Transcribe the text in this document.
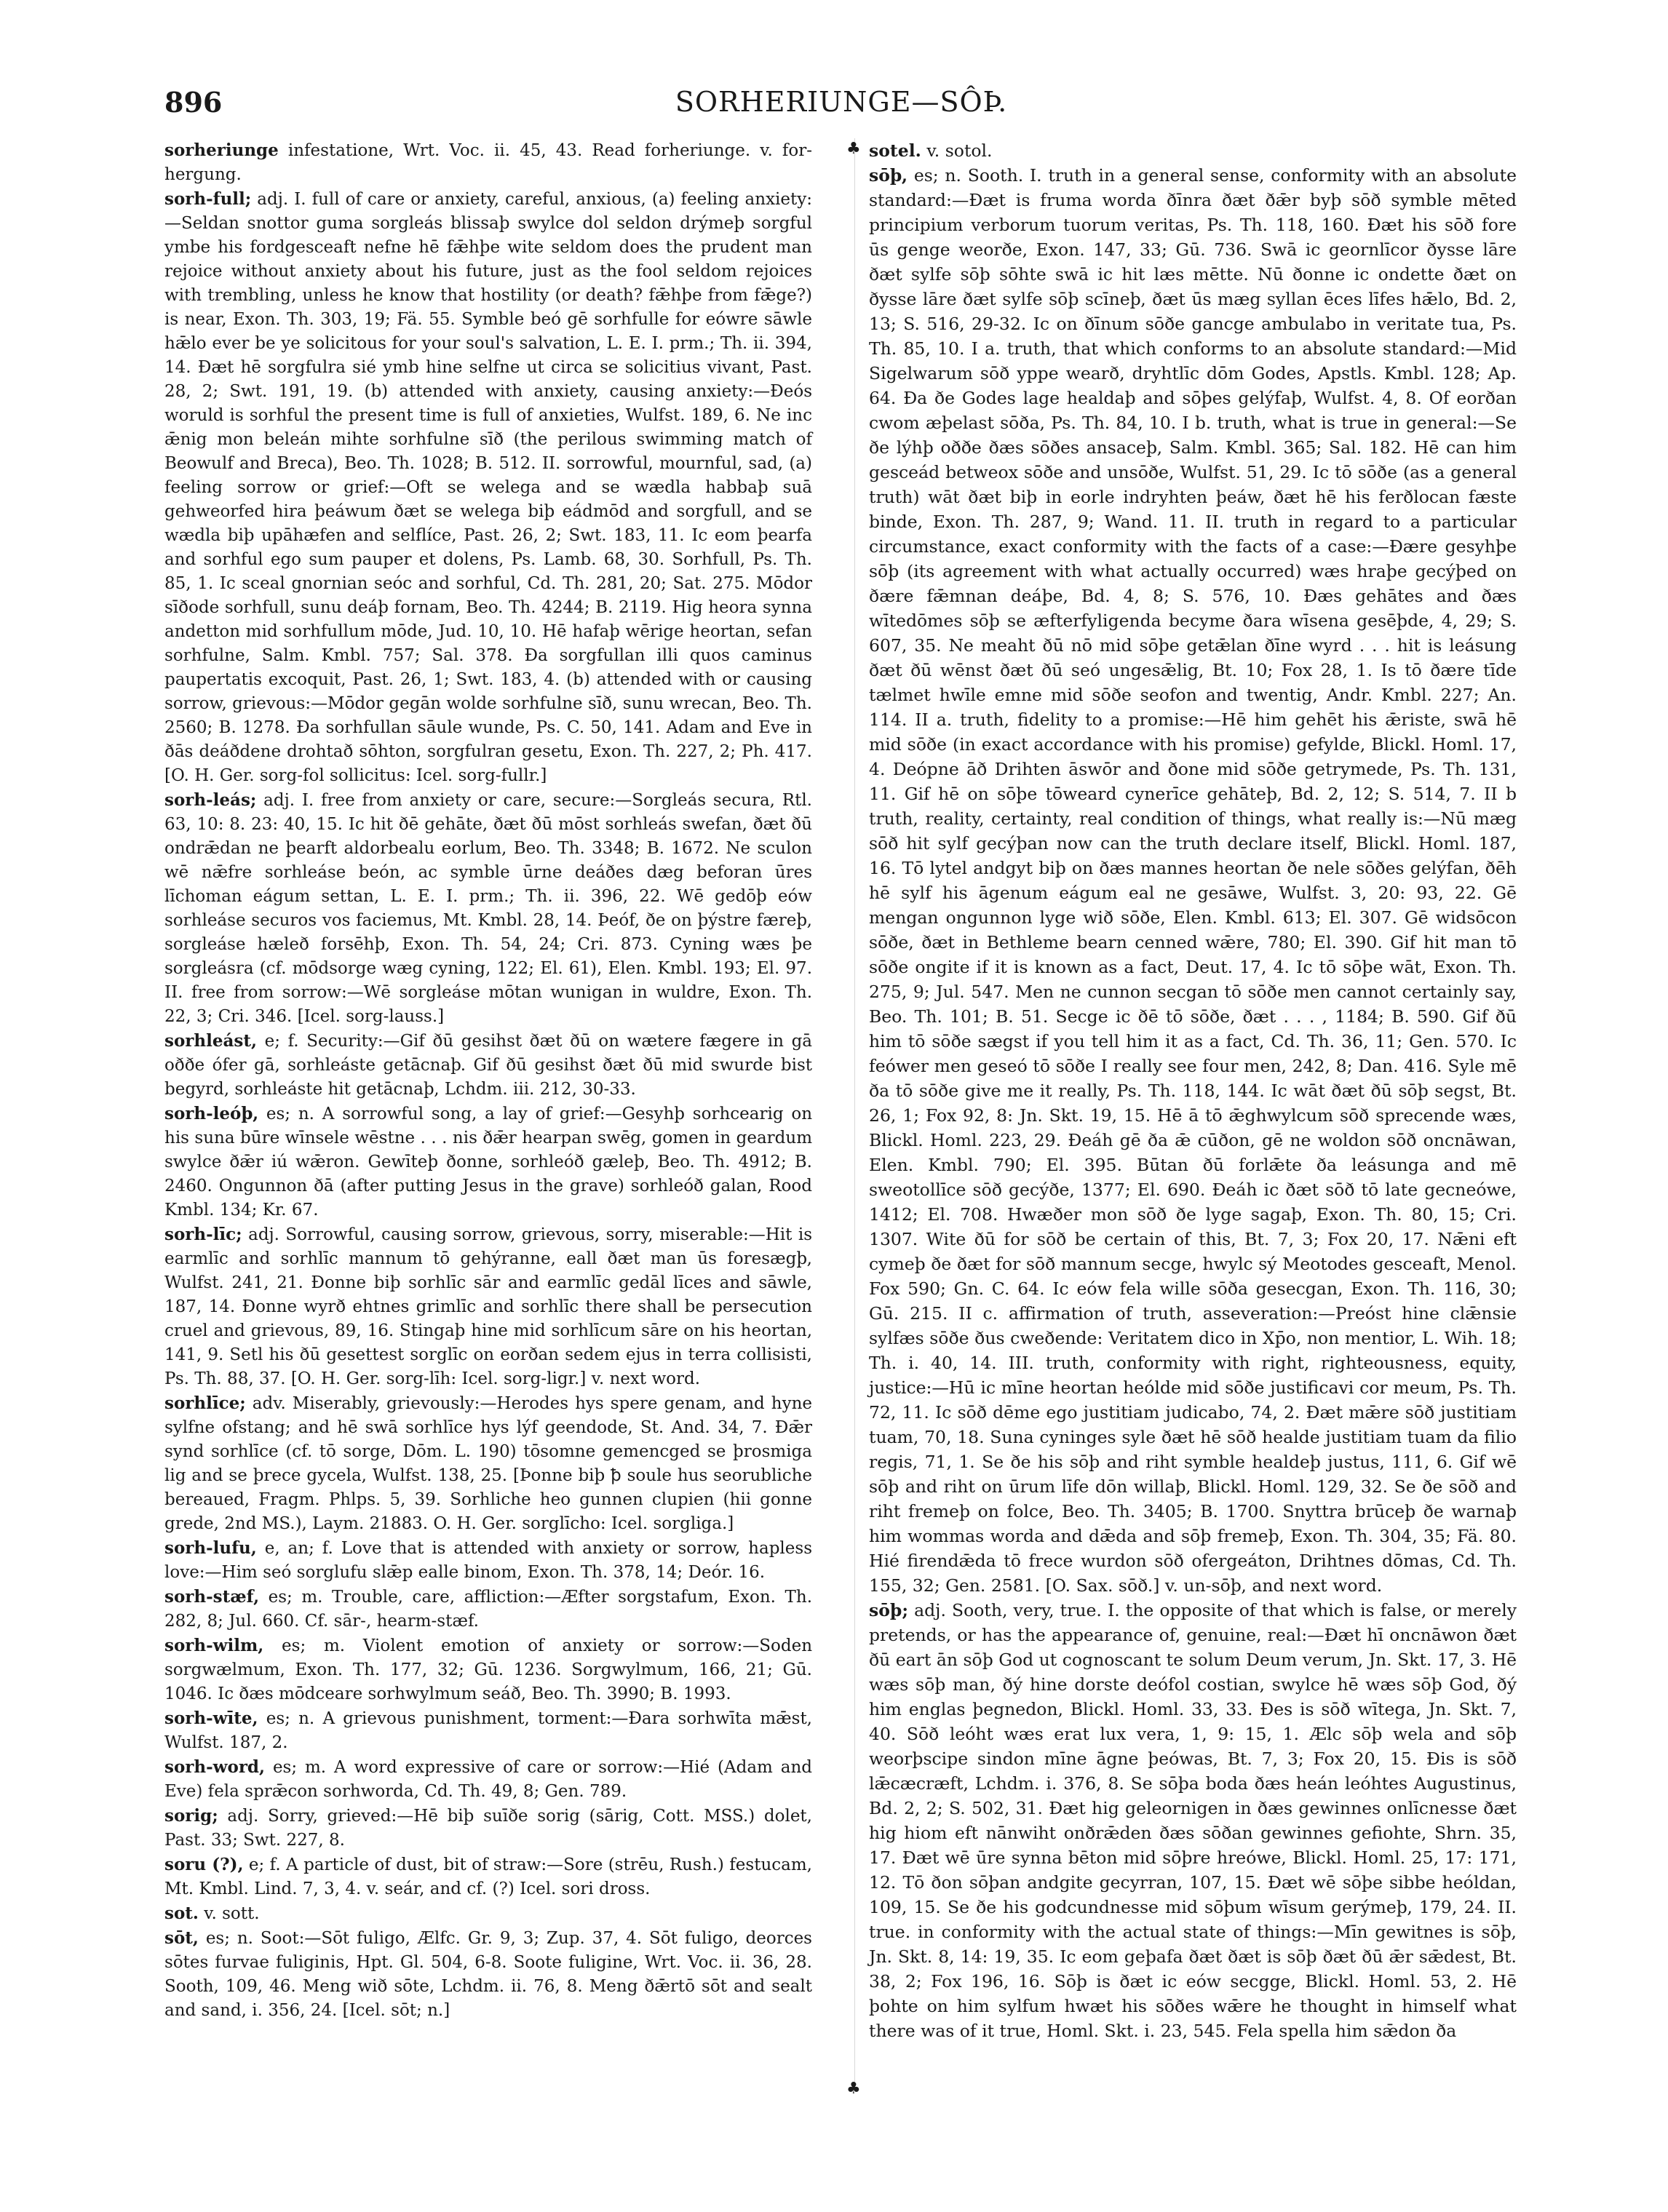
896	SORHERIUNGE—SÔÞ.
♣
♣

sorheriunge infestatione, Wrt. Voc. ii. 45, 43. Read forheriunge. v. for-hergung.

sorh-full; adj. I. full of care or anxiety, careful, anxious, (a) feeling anxiety:—Seldan snottor guma sorgleás blissaþ swylce dol seldon drýmeþ sorgful ymbe his fordgesceaft nefne hē fǣhþe wite seldom does the prudent man rejoice without anxiety about his future, just as the fool seldom rejoices with trembling, unless he know that hostility (or death? fǣhþe from fǣge?) is near, Exon. Th. 303, 19; Fä. 55. Symble beó gē sorhfulle for eówre sāwle hǣlo ever be ye solicitous for your soul's salvation, L. E. I. prm.; Th. ii. 394, 14. Ðæt hē sorgfulra sié ymb hine selfne ut circa se solicitius vivant, Past. 28, 2; Swt. 191, 19. (b) attended with anxiety, causing anxiety:—Ðeós woruld is sorhful the present time is full of anxieties, Wulfst. 189, 6. Ne inc ǣnig mon beleán mihte sorhfulne sīð (the perilous swimming match of Beowulf and Breca), Beo. Th. 1028; B. 512. II. sorrowful, mournful, sad, (a) feeling sorrow or grief:—Oft se welega and se wædla habbaþ suā gehweorfed hira þeáwum ðæt se welega biþ eádmōd and sorgfull, and se wædla biþ upāhæfen and selflíce, Past. 26, 2; Swt. 183, 11. Ic eom þearfa and sorhful ego sum pauper et dolens, Ps. Lamb. 68, 30. Sorhfull, Ps. Th. 85, 1. Ic sceal gnornian seóc and sorhful, Cd. Th. 281, 20; Sat. 275. Mōdor sīðode sorhfull, sunu deáþ fornam, Beo. Th. 4244; B. 2119. Hig heora synna andetton mid sorhfullum mōde, Jud. 10, 10. Hē hafaþ wērige heortan, sefan sorhfulne, Salm. Kmbl. 757; Sal. 378. Ða sorgfullan illi quos caminus paupertatis excoquit, Past. 26, 1; Swt. 183, 4. (b) attended with or causing sorrow, grievous:—Mōdor gegān wolde sorhfulne sīð, sunu wrecan, Beo. Th. 2560; B. 1278. Ða sorhfullan sāule wunde, Ps. C. 50, 141. Adam and Eve in ðās deáðdene drohtað sōhton, sorgfulran gesetu, Exon. Th. 227, 2; Ph. 417. [O. H. Ger. sorg-fol sollicitus: Icel. sorg-fullr.]

sorh-leás; adj. I. free from anxiety or care, secure:—Sorgleás secura, Rtl. 63, 10: 8. 23: 40, 15. Ic hit ðē gehāte, ðæt ðū mōst sorhleás swefan, ðæt ðū ondrǣdan ne þearft aldorbealu eorlum, Beo. Th. 3348; B. 1672. Ne sculon wē nǣfre sorhleáse beón, ac symble ūrne deáðes dæg beforan ūres līchoman eágum settan, L. E. I. prm.; Th. ii. 396, 22. Wē gedōþ eów sorhleáse securos vos faciemus, Mt. Kmbl. 28, 14. Þeóf, ðe on þýstre færeþ, sorgleáse hæleð forsēhþ, Exon. Th. 54, 24; Cri. 873. Cyning wæs þe sorgleásra (cf. mōdsorge wæg cyning, 122; El. 61), Elen. Kmbl. 193; El. 97. II. free from sorrow:—Wē sorgleáse mōtan wunigan in wuldre, Exon. Th. 22, 3; Cri. 346. [Icel. sorg-lauss.]

sorhleást, e; f. Security:—Gif ðū gesihst ðæt ðū on wætere fægere in gā oððe ófer gā, sorhleáste getācnaþ. Gif ðū gesihst ðæt ðū mid swurde bist begyrd, sorhleáste hit getācnaþ, Lchdm. iii. 212, 30-33.

sorh-leóþ, es; n. A sorrowful song, a lay of grief:—Gesyhþ sorhcearig on his suna būre wīnsele wēstne . . . nis ðǣr hearpan swēg, gomen in geardum swylce ðǣr iú wǣron. Gewīteþ ðonne, sorhleóð gæleþ, Beo. Th. 4912; B. 2460. Ongunnon ðā (after putting Jesus in the grave) sorhleóð galan, Rood Kmbl. 134; Kr. 67.

sorh-līc; adj. Sorrowful, causing sorrow, grievous, sorry, miserable:—Hit is earmlīc and sorhlīc mannum tō gehýranne, eall ðæt man ūs foresægþ, Wulfst. 241, 21. Ðonne biþ sorhlīc sār and earmlīc gedāl līces and sāwle, 187, 14. Ðonne wyrð ehtnes grimlīc and sorhlīc there shall be persecution cruel and grievous, 89, 16. Stingaþ hine mid sorhlīcum sāre on his heortan, 141, 9. Setl his ðū gesettest sorglīc on eorðan sedem ejus in terra collisisti, Ps. Th. 88, 37. [O. H. Ger. sorg-līh: Icel. sorg-ligr.] v. next word.

sorhlīce; adv. Miserably, grievously:—Herodes hys spere genam, and hyne sylfne ofstang; and hē swā sorhlīce hys lýf geendode, St. And. 34, 7. Ðǣr synd sorhlīce (cf. tō sorge, Dōm. L. 190) tōsomne gemencged se þrosmiga lig and se þrece gycela, Wulfst. 138, 25. [Þonne biþ ꝥ soule hus seorubliche bereaued, Fragm. Phlps. 5, 39. Sorhliche heo gunnen clupien (hii gonne grede, 2nd MS.), Laym. 21883. O. H. Ger. sorglīcho: Icel. sorgliga.]

sorh-lufu, e, an; f. Love that is attended with anxiety or sorrow, hapless love:—Him seó sorglufu slǣp ealle binom, Exon. Th. 378, 14; Deór. 16.

sorh-stæf, es; m. Trouble, care, affliction:—Æfter sorgstafum, Exon. Th. 282, 8; Jul. 660. Cf. sār-, hearm-stæf.

sorh-wilm, es; m. Violent emotion of anxiety or sorrow:—Soden sorgwælmum, Exon. Th. 177, 32; Gū. 1236. Sorgwylmum, 166, 21; Gū. 1046. Ic ðæs mōdceare sorhwylmum seáð, Beo. Th. 3990; B. 1993.

sorh-wīte, es; n. A grievous punishment, torment:—Ðara sorhwīta mǣst, Wulfst. 187, 2.

sorh-word, es; m. A word expressive of care or sorrow:—Hié (Adam and Eve) fela sprǣcon sorhworda, Cd. Th. 49, 8; Gen. 789.

sorig; adj. Sorry, grieved:—Hē biþ suīðe sorig (sārig, Cott. MSS.) dolet, Past. 33; Swt. 227, 8.

soru (?), e; f. A particle of dust, bit of straw:—Sore (strēu, Rush.) festucam, Mt. Kmbl. Lind. 7, 3, 4. v. seár, and cf. (?) Icel. sori dross.

sot. v. sott.

sōt, es; n. Soot:—Sōt fuligo, Ælfc. Gr. 9, 3; Zup. 37, 4. Sōt fuligo, deorces sōtes furvae fuliginis, Hpt. Gl. 504, 6-8. Soote fuligine, Wrt. Voc. ii. 36, 28. Sooth, 109, 46. Meng wið sōte, Lchdm. ii. 76, 8. Meng ðǣrtō sōt and sealt and sand, i. 356, 24. [Icel. sōt; n.]

sotel. v. sotol.

sōþ, es; n. Sooth. I. truth in a general sense, conformity with an absolute standard:—Ðæt is fruma worda ðīnra ðæt ðǣr byþ sōð symble mēted principium verborum tuorum veritas, Ps. Th. 118, 160. Ðæt his sōð fore ūs genge weorðe, Exon. 147, 33; Gū. 736. Swā ic geornlīcor ðysse lāre ðæt sylfe sōþ sōhte swā ic hit læs mētte. Nū ðonne ic ondette ðæt on ðysse lāre ðæt sylfe sōþ scīneþ, ðæt ūs mæg syllan ēces līfes hǣlo, Bd. 2, 13; S. 516, 29-32. Ic on ðīnum sōðe gancge ambulabo in veritate tua, Ps. Th. 85, 10. I a. truth, that which conforms to an absolute standard:—Mid Sigelwarum sōð yppe wearð, dryhtlīc dōm Godes, Apstls. Kmbl. 128; Ap. 64. Ða ðe Godes lage healdaþ and sōþes gelýfaþ, Wulfst. 4, 8. Of eorðan cwom æþelast sōða, Ps. Th. 84, 10. I b. truth, what is true in general:—Se ðe lýhþ oððe ðæs sōðes ansaceþ, Salm. Kmbl. 365; Sal. 182. Hē can him gesceád betweox sōðe and unsōðe, Wulfst. 51, 29. Ic tō sōðe (as a general truth) wāt ðæt biþ in eorle indryhten þeáw, ðæt hē his ferðlocan fæste binde, Exon. Th. 287, 9; Wand. 11. II. truth in regard to a particular circumstance, exact conformity with the facts of a case:—Ðære gesyhþe sōþ (its agreement with what actually occurred) wæs hraþe gecýþed on ðære fǣmnan deáþe, Bd. 4, 8; S. 576, 10. Ðæs gehātes and ðæs wītedōmes sōþ se æfterfyligenda becyme ðara wīsena gesēþde, 4, 29; S. 607, 35. Ne meaht ðū nō mid sōþe getǣlan ðīne wyrd . . . hit is leásung ðæt ðū wēnst ðæt ðū seó ungesǣlig, Bt. 10; Fox 28, 1. Is tō ðære tīde tælmet hwīle emne mid sōðe seofon and twentig, Andr. Kmbl. 227; An. 114. II a. truth, fidelity to a promise:—Hē him gehēt his ǣriste, swā hē mid sōðe (in exact accordance with his promise) gefylde, Blickl. Homl. 17, 4. Deópne āð Drihten āswōr and ðone mid sōðe getrymede, Ps. Th. 131, 11. Gif hē on sōþe tōweard cynerīce gehāteþ, Bd. 2, 12; S. 514, 7. II b truth, reality, certainty, real condition of things, what really is:—Nū mæg sōð hit sylf gecýþan now can the truth declare itself, Blickl. Homl. 187, 16. Tō lytel andgyt biþ on ðæs mannes heortan ðe nele sōðes gelýfan, ðēh hē sylf his āgenum eágum eal ne gesāwe, Wulfst. 3, 20: 93, 22. Gē mengan ongunnon lyge wið sōðe, Elen. Kmbl. 613; El. 307. Gē widsōcon sōðe, ðæt in Bethleme bearn cenned wǣre, 780; El. 390. Gif hit man tō sōðe ongite if it is known as a fact, Deut. 17, 4. Ic tō sōþe wāt, Exon. Th. 275, 9; Jul. 547. Men ne cunnon secgan tō sōðe men cannot certainly say, Beo. Th. 101; B. 51. Secge ic ðē tō sōðe, ðæt . . . , 1184; B. 590. Gif ðū him tō sōðe sægst if you tell him it as a fact, Cd. Th. 36, 11; Gen. 570. Ic feówer men geseó tō sōðe I really see four men, 242, 8; Dan. 416. Syle mē ða tō sōðe give me it really, Ps. Th. 118, 144. Ic wāt ðæt ðū sōþ segst, Bt. 26, 1; Fox 92, 8: Jn. Skt. 19, 15. Hē ā tō ǣghwylcum sōð sprecende wæs, Blickl. Homl. 223, 29. Ðeáh gē ða ǣ cūðon, gē ne woldon sōð oncnāwan, Elen. Kmbl. 790; El. 395. Būtan ðū forlǣte ða leásunga and mē sweotollīce sōð gecýðe, 1377; El. 690. Ðeáh ic ðæt sōð tō late gecneówe, 1412; El. 708. Hwæðer mon sōð ðe lyge sagaþ, Exon. Th. 80, 15; Cri. 1307. Wite ðū for sōð be certain of this, Bt. 7, 3; Fox 20, 17. Nǣni eft cymeþ ðe ðæt for sōð mannum secge, hwylc sý Meotodes gesceaft, Menol. Fox 590; Gn. C. 64. Ic eów fela wille sōða gesecgan, Exon. Th. 116, 30; Gū. 215. II c. affirmation of truth, asseveration:—Preóst hine clǣnsie sylfæs sōðe ðus cweðende: Veritatem dico in Xp̄o, non mentior, L. Wih. 18; Th. i. 40, 14. III. truth, conformity with right, righteousness, equity, justice:—Hū ic mīne heortan heólde mid sōðe justificavi cor meum, Ps. Th. 72, 11. Ic sōð dēme ego justitiam judicabo, 74, 2. Ðæt mǣre sōð justitiam tuam, 70, 18. Suna cyninges syle ðæt hē sōð healde justitiam tuam da filio regis, 71, 1. Se ðe his sōþ and riht symble healdeþ justus, 111, 6. Gif wē sōþ and riht on ūrum līfe dōn willaþ, Blickl. Homl. 129, 32. Se ðe sōð and riht fremeþ on folce, Beo. Th. 3405; B. 1700. Snyttra brūceþ ðe warnaþ him wommas worda and dǣda and sōþ fremeþ, Exon. Th. 304, 35; Fä. 80. Hié firendǣda tō frece wurdon sōð ofergeáton, Drihtnes dōmas, Cd. Th. 155, 32; Gen. 2581. [O. Sax. sōð.] v. un-sōþ, and next word.

sōþ; adj. Sooth, very, true. I. the opposite of that which is false, or merely pretends, or has the appearance of, genuine, real:—Ðæt hī oncnāwon ðæt ðū eart ān sōþ God ut cognoscant te solum Deum verum, Jn. Skt. 17, 3. Hē wæs sōþ man, ðý hine dorste deófol costian, swylce hē wæs sōþ God, ðý him englas þegnedon, Blickl. Homl. 33, 33. Ðes is sōð wītega, Jn. Skt. 7, 40. Sōð leóht wæs erat lux vera, 1, 9: 15, 1. Ælc sōþ wela and sōþ weorþscipe sindon mīne āgne þeówas, Bt. 7, 3; Fox 20, 15. Ðis is sōð lǣcæcræft, Lchdm. i. 376, 8. Se sōþa boda ðæs heán leóhtes Augustinus, Bd. 2, 2; S. 502, 31. Ðæt hig geleornigen in ðæs gewinnes onlīcnesse ðæt hig hiom eft nānwiht onðrǣden ðæs sōðan gewinnes gefiohte, Shrn. 35, 17. Ðæt wē ūre synna bēton mid sōþre hreówe, Blickl. Homl. 25, 17: 171, 12. Tō ðon sōþan andgite gecyrran, 107, 15. Ðæt wē sōþe sibbe heóldan, 109, 15. Se ðe his godcundnesse mid sōþum wīsum gerýmeþ, 179, 24. II. true. in conformity with the actual state of things:—Mīn gewitnes is sōþ, Jn. Skt. 8, 14: 19, 35. Ic eom geþafa ðæt ðæt is sōþ ðæt ðū ǣr sǣdest, Bt. 38, 2; Fox 196, 16. Sōþ is ðæt ic eów secgge, Blickl. Homl. 53, 2. Hē þohte on him sylfum hwæt his sōðes wǣre he thought in himself what there was of it true, Homl. Skt. i. 23, 545. Fela spella him sǣdon ða
